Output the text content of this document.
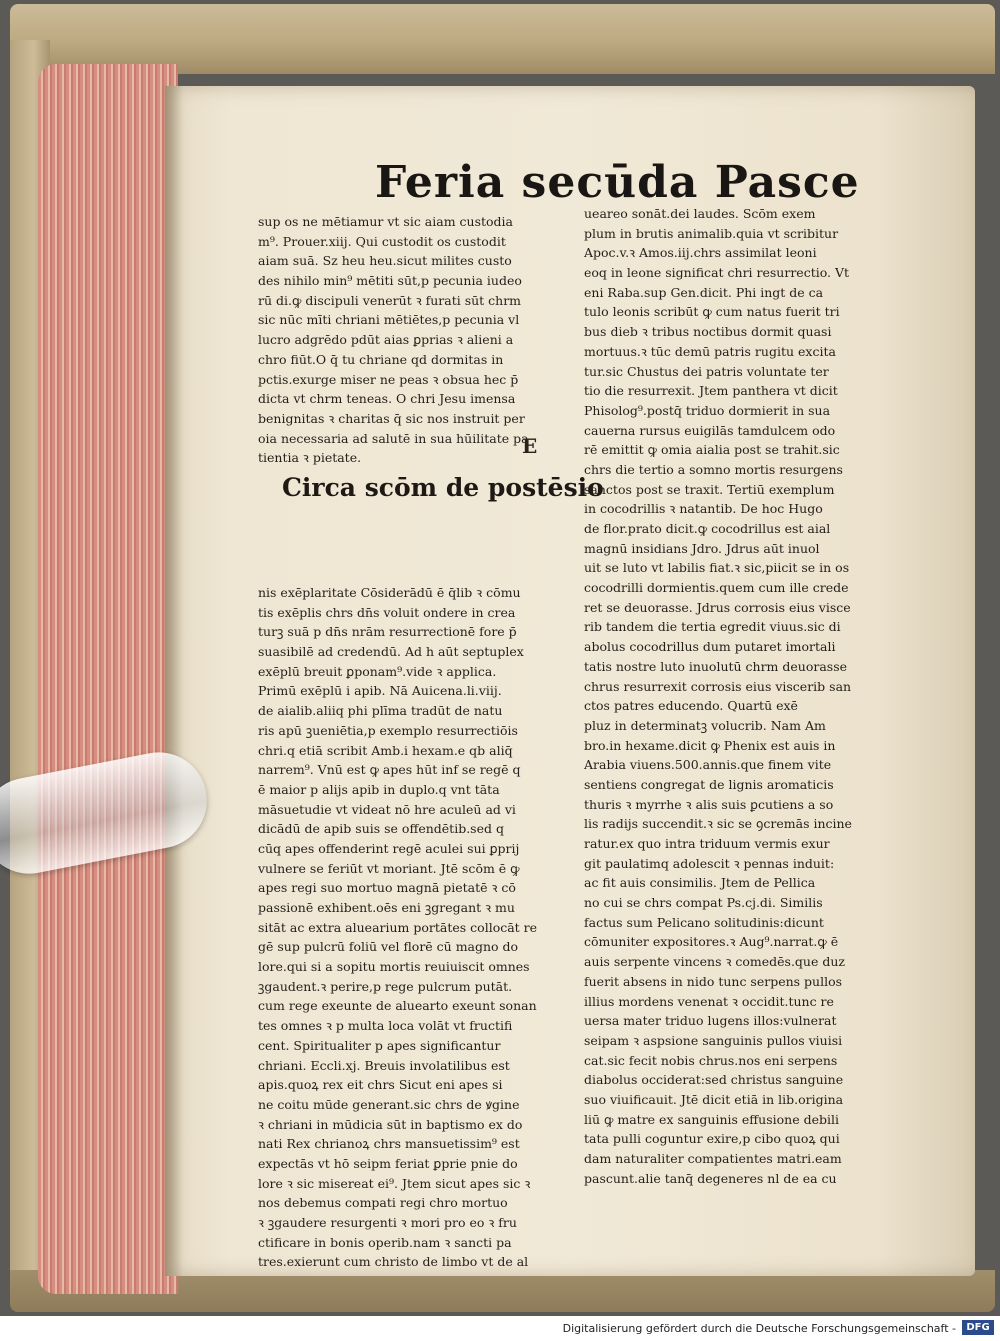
Feria secūda Pasce
sup os ne mētiamur vt sic aiam custodia
m⁹. Prouer.xiij. Qui custodit os custodit
aiam suā. Sz heu heu.sicut milites custo
des nihilo min⁹ mētiti sūt,p pecunia iudeo
rū di.ꝙ discipuli venerūt ꝛ furati sūt chrm
sic nūc mīti chriani mētiētes,p pecunia vl
lucro adgrēdo pdūt aias ꝑprias ꝛ alieni a
chro fiūt.O q̄ tu chriane qd dormitas in
pctis.exurge miser ne peas ꝛ obsua hec p̄
dicta vt chrm teneas. O chri Jesu imensa
benignitas ꝛ charitas q̄ sic nos instruit per
oia necessaria ad salutē in sua hūilitate pa
tientia ꝛ pietate.	E
Circa scōm de postēsio
nis exēplaritate Cōsiderādū ē q̄lib ꝛ cōmu
tis exēplis chrs dn̄s voluit ondere in crea
turꝫ suā p dn̄s nrām resurrectionē fore p̄
suasibilē ad credendū. Ad h aūt septuplex
exēplū breuit ꝑponam⁹.vide ꝛ applica.
Primū exēplū i apib. Nā Auicena.li.viij.
de aialib.aliiq phi plīma tradūt de natu
ris apū ꝫueniētia,p exemplo resurrectiōis
chri.q etiā scribit Amb.i hexam.e qb aliq̄
narrem⁹. Vnū est ꝙ apes hūt inf se regē q
ē maior p alijs apib in duplo.q vnt tāta
māsuetudie vt videat nō hre aculeū ad vi
dicādū de apib suis se offendētib.sed q
cūq apes offenderint regē aculei sui ꝑprij
vulnere se feriūt vt moriant. Jtē scōm ē ꝙ
apes regi suo mortuo magnā pietatē ꝛ cō
passionē exhibent.oēs eni ꝫgregant ꝛ mu
sitāt ac extra aluearium portātes collocāt re
gē sup pulcrū foliū vel florē cū magno do
lore.qui si a sopitu mortis reuiuiscit omnes
ꝫgaudent.ꝛ perire,p rege pulcrum putāt.
cum rege exeunte de aluearto exeunt sonan
tes omnes ꝛ p multa loca volāt vt fructifi
cent. Spiritualiter p apes significantur
chriani. Eccli.xj. Breuis involatilibus est
apis.quoꝝ rex eit chrs Sicut eni apes si
ne coitu mūde generant.sic chrs de ꝟgine
ꝛ chriani in mūdicia sūt in baptismo ex do
nati Rex chrianoꝝ chrs mansuetissim⁹ est
expectās vt hō seipm feriat ꝑprie pnie do
lore ꝛ sic misereat ei⁹. Jtem sicut apes sic ꝛ
nos debemus compati regi chro mortuo
ꝛ ꝫgaudere resurgenti ꝛ mori pro eo ꝛ fru
ctificare in bonis operib.nam ꝛ sancti pa
tres.exierunt cum christo de limbo vt de al
ueareo sonāt.dei laudes. Scōm exem
plum in brutis animalib.quia vt scribitur
Apoc.v.ꝛ Amos.iij.chrs assimilat leoni
eoq in leone significat chri resurrectio. Vt
eni Raba.sup Gen.dicit. Phi ingt de ca
tulo leonis scribūt ꝙ cum natus fuerit tri
bus dieb ꝛ tribus noctibus dormit quasi
mortuus.ꝛ tūc demū patris rugitu excita
tur.sic Chustus dei patris voluntate ter
tio die resurrexit. Jtem panthera vt dicit
Phisolog⁹.postq̄ triduo dormierit in sua
cauerna rursus euigilās tamdulcem odo
rē emittit ꝙ omia aialia post se trahit.sic
chrs die tertio a somno mortis resurgens
sanctos post se traxit. Tertiū exemplum
in cocodrillis ꝛ natantib. De hoc Hugo
de flor.prato dicit.ꝙ cocodrillus est aial
magnū insidians Jdro. Jdrus aūt inuol
uit se luto vt labilis fiat.ꝛ sic,piicit se in os
cocodrilli dormientis.quem cum ille crede
ret se deuorasse. Jdrus corrosis eius visce
rib tandem die tertia egredit viuus.sic di
abolus cocodrillus dum putaret imortali
tatis nostre luto inuolutū chrm deuorasse
chrus resurrexit corrosis eius viscerib san
ctos patres educendo. Quartū exē
pluz in determinatꝫ volucrib. Nam Am
bro.in hexame.dicit ꝙ Phenix est auis in
Arabia viuens.500.annis.que finem vite
sentiens congregat de lignis aromaticis
thuris ꝛ myrrhe ꝛ alis suis ꝑcutiens a so
lis radijs succendit.ꝛ sic se ꝯcremās incine
ratur.ex quo intra triduum vermis exur
git paulatimq adolescit ꝛ pennas induit:
ac fit auis consimilis. Jtem de Pellica
no cui se chrs compat Ps.cj.di. Similis
factus sum Pelicano solitudinis:dicunt
cōmuniter expositores.ꝛ Aug⁹.narrat.ꝙ ē
auis serpente vincens ꝛ comedēs.que duz
fuerit absens in nido tunc serpens pullos
illius mordens venenat ꝛ occidit.tunc re
uersa mater triduo lugens illos:vulnerat
seipam ꝛ aspsione sanguinis pullos viuisi
cat.sic fecit nobis chrus.nos eni serpens
diabolus occiderat:sed christus sanguine
suo viuificauit. Jtē dicit etiā in lib.origina
liū ꝙ matre ex sanguinis effusione debili
tata pulli coguntur exire,p cibo quoꝝ qui
dam naturaliter compatientes matri.eam
pascunt.alie tanq̄ degeneres nl de ea cu
Digitalisierung gefördert durch die Deutsche Forschungsgemeinschaft -	DFG
